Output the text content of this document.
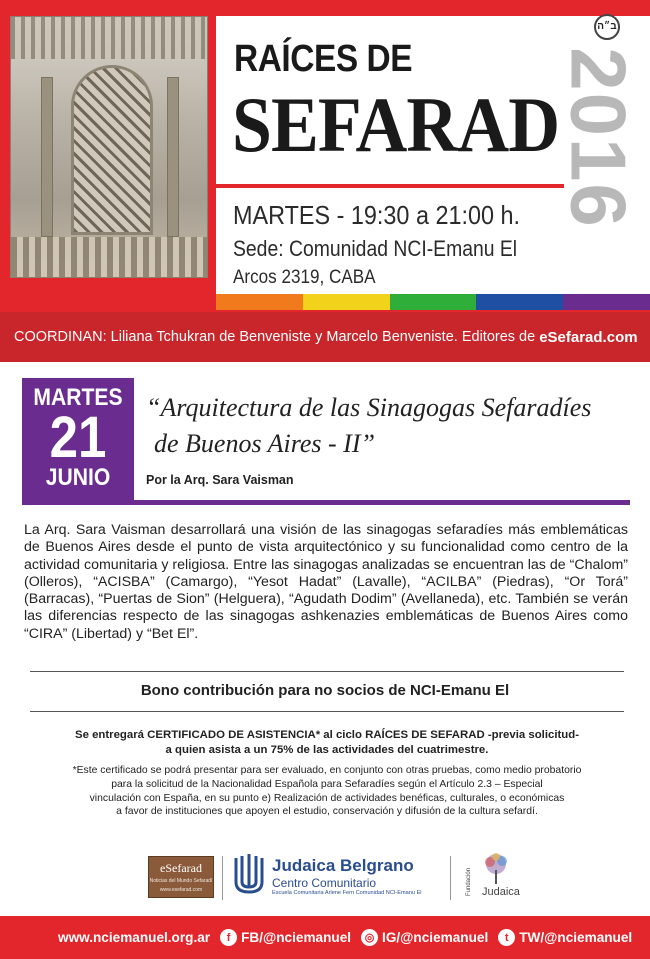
RAÍCES DE
SEFARAD
2016
ב״ה
MARTES - 19:30 a 21:00 h.
Sede: Comunidad NCI-Emanu El
Arcos 2319, CABA
COORDINAN: Liliana Tchukran de Benveniste y Marcelo Benveniste. Editores de eSefarad.com
MARTES
21
JUNIO
“Arquitectura de las Sinagogas Sefaradíes
de Buenos Aires - II”
Por la Arq. Sara Vaisman
La Arq. Sara Vaisman desarrollará una visión de las sinagogas sefaradíes más emblemáticas de Buenos Aires desde el punto de vista arquitectónico y su funcionalidad como centro de la actividad comunitaria y religiosa. Entre las sinagogas analizadas se encuentran las de “Chalom” (Olleros), “ACISBA” (Camargo), “Yesot Hadat” (Lavalle), “ACILBA” (Piedras), “Or Torá” (Barracas), “Puertas de Sion” (Helguera), “Agudath Dodim” (Avellaneda), etc. También se verán las diferencias respecto de las sinagogas ashkenazies emblemáticas de Buenos Aires como “CIRA” (Libertad) y “Bet El”.
Bono contribución para no socios de NCI-Emanu El
Se entregará CERTIFICADO DE ASISTENCIA* al ciclo RAÍCES DE SEFARAD -previa solicitud-
a quien asista a un 75% de las actividades del cuatrimestre.
*Este certificado se podrá presentar para ser evaluado, en conjunto con otras pruebas, como medio probatorio
para la solicitud de la Nacionalidad Española para Sefaradíes según el Artículo 2.3 – Especial
vinculación con España, en su punto e) Realización de actividades benéficas, culturales, o económicas
a favor de instituciones que apoyen el estudio, conservación y difusión de la cultura sefardí.
eSefarad
Noticias del Mundo Sefaradí
www.esefarad.com
Judaica Belgrano
Centro Comunitario
Escuela Comunitaria Arlene Fern Comunidad NCI-Emanu El	Fundación Judaica
www.nciemanuel.org.ar	f FB/@nciemanuel	◎ IG/@nciemanuel	t TW/@nciemanuel
